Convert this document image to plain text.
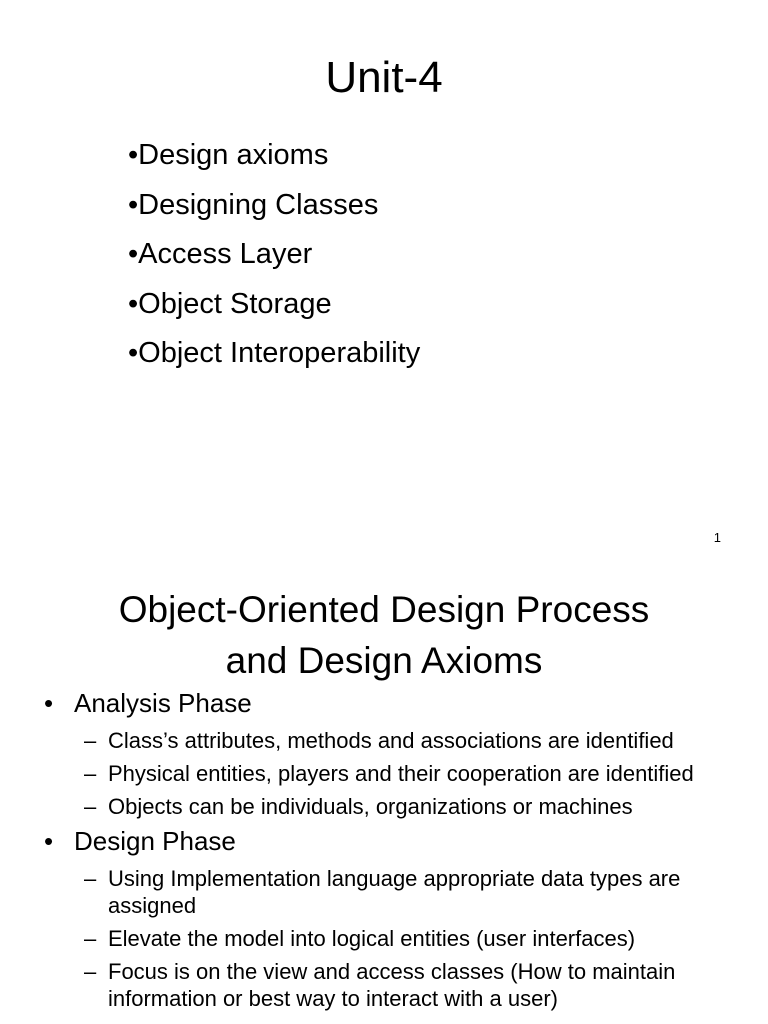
Unit-4
•Design axioms
•Designing Classes
•Access Layer
•Object Storage
•Object Interoperability
1
Object-Oriented Design Process
and Design Axioms
• Analysis Phase
– Class’s attributes, methods and associations are identified
– Physical entities, players and their cooperation are identified
– Objects can be individuals, organizations or machines
• Design Phase
– Using Implementation language appropriate data types are assigned
– Elevate the model into logical entities (user interfaces)
– Focus is on the view and access classes (How to maintain information or best way to interact with a user)
